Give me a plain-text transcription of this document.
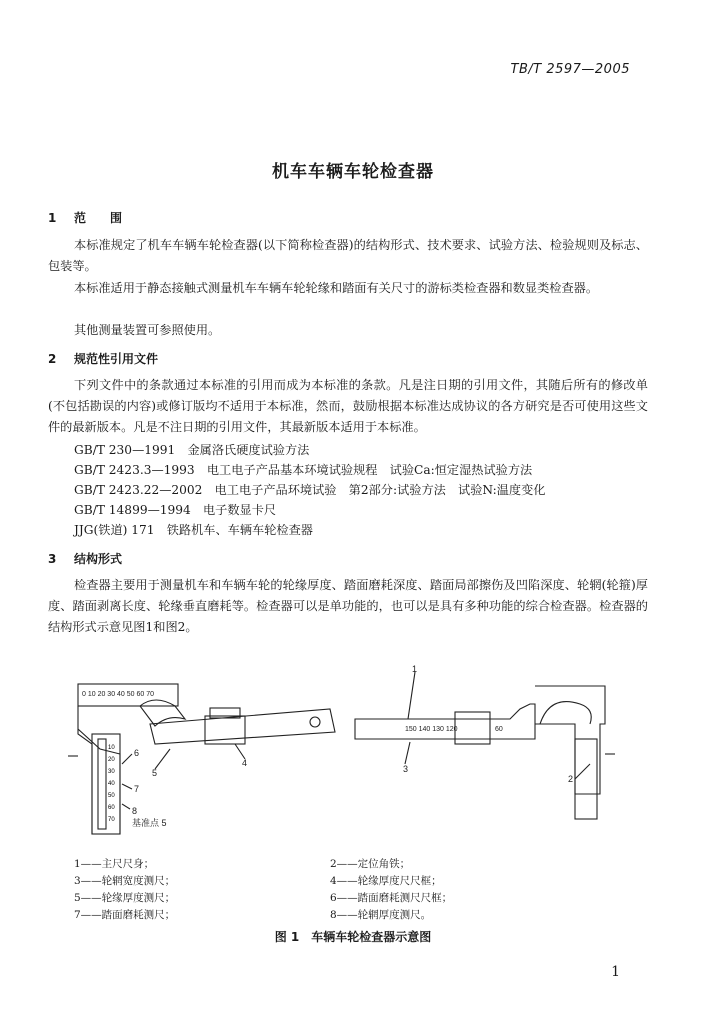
TB/T 2597—2005
机车车辆车轮检查器
1 范　　围
本标准规定了机车车辆车轮检查器(以下简称检查器)的结构形式、技术要求、试验方法、检验规则及标志、包装等。
本标准适用于静态接触式测量机车车辆车轮轮缘和踏面有关尺寸的游标类检查器和数显类检查器。
其他测量装置可参照使用。
2 规范性引用文件
下列文件中的条款通过本标准的引用而成为本标准的条款。凡是注日期的引用文件，其随后所有的修改单(不包括勘误的内容)或修订版均不适用于本标准，然而，鼓励根据本标准达成协议的各方研究是否可使用这些文件的最新版本。凡是不注日期的引用文件，其最新版本适用于本标准。
GB/T 230—1991　金属洛氏硬度试验方法
GB/T 2423.3—1993　电工电子产品基本环境试验规程　试验Ca:恒定湿热试验方法
GB/T 2423.22—2002　电工电子产品环境试验　第2部分:试验方法　试验N:温度变化
GB/T 14899—1994　电子数显卡尺
JJG(铁道) 171　铁路机车、车辆车轮检查器
3 结构形式
检查器主要用于测量机车和车辆车轮的轮缘厚度、踏面磨耗深度、踏面局部擦伤及凹陷深度、轮辋(轮箍)厚度、踏面剥离长度、轮缘垂直磨耗等。检查器可以是单功能的，也可以是具有多种功能的综合检查器。检查器的结构形式示意见图1和图2。
0 10 20 30 40 50 60 70
150 140 130 120	60
5
6
7
8
4
1
3
2
基准点 5
10
20
30
40
50
60
70
1——主尺尺身；
3——轮辋宽度测尺；
5——轮缘厚度测尺；
7——踏面磨耗测尺；
2——定位角铁；
4——轮缘厚度尺尺框；
6——踏面磨耗测尺尺框；
8——轮辋厚度测尺。
图 1　车辆车轮检查器示意图
1
